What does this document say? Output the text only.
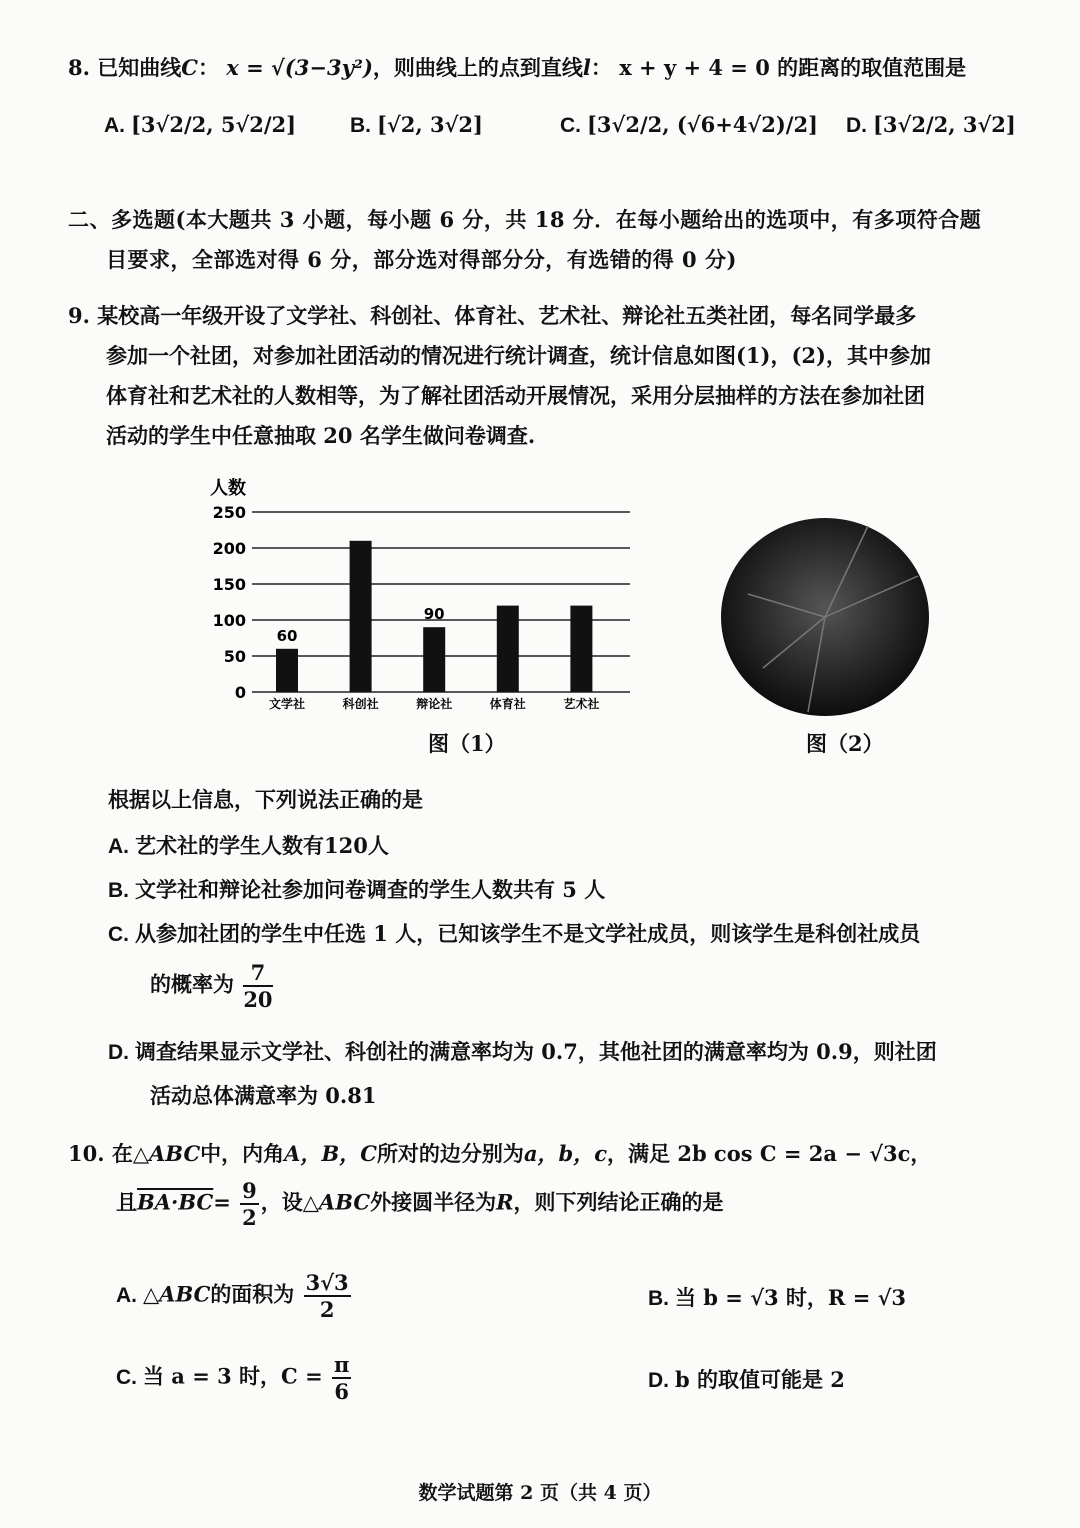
8. 已知曲线C： x = √(3−3y²)，则曲线上的点到直线l： x + y + 4 = 0 的距离的取值范围是
A. [3√2/2, 5√2/2]	B. [√2, 3√2]	C. [3√2/2, (√6+4√2)/2] D. [3√2/2, 3√2]
二、多选题(本大题共 3 小题，每小题 6 分，共 18 分．在每小题给出的选项中，有多项符合题
目要求，全部选对得 6 分，部分选对得部分分，有选错的得 0 分)
9. 某校高一年级开设了文学社、科创社、体育社、艺术社、辩论社五类社团，每名同学最多
参加一个社团，对参加社团活动的情况进行统计调查，统计信息如图(1)，(2)，其中参加
体育社和艺术社的人数相等，为了解社团活动开展情况，采用分层抽样的方法在参加社团
活动的学生中任意抽取 20 名学生做问卷调查.
人数
0
50
100
150
200
250
60
90
文学社	科创社	辩论社	体育社	艺术社
图（1）	图（2）
根据以上信息，下列说法正确的是
A. 艺术社的学生人数有120人
B. 文学社和辩论社参加问卷调查的学生人数共有 5 人
C. 从参加社团的学生中任选 1 人，已知该学生不是文学社成员，则该学生是科创社成员
的概率为 $\frac{7}{20}$
D. 调查结果显示文学社、科创社的满意率均为 0.7，其他社团的满意率均为 0.9，则社团
活动总体满意率为 0.81
10. 在△ABC中，内角A，B，C所对的边分别为a，b，c，满足 2b cos C = 2a − √3c，
且$BA\cdot BC= \frac{9}{2}$ ，设△ABC外接圆半径为R，则下列结论正确的是
A. △ABC的面积为 $\frac{3√3}{2}$	B. 当 b = √3 时，R = √3
C. 当 a = 3 时，$C = \frac{\pi}{6}$	D. b 的取值可能是 2
数学试题第 2 页（共 4 页）
